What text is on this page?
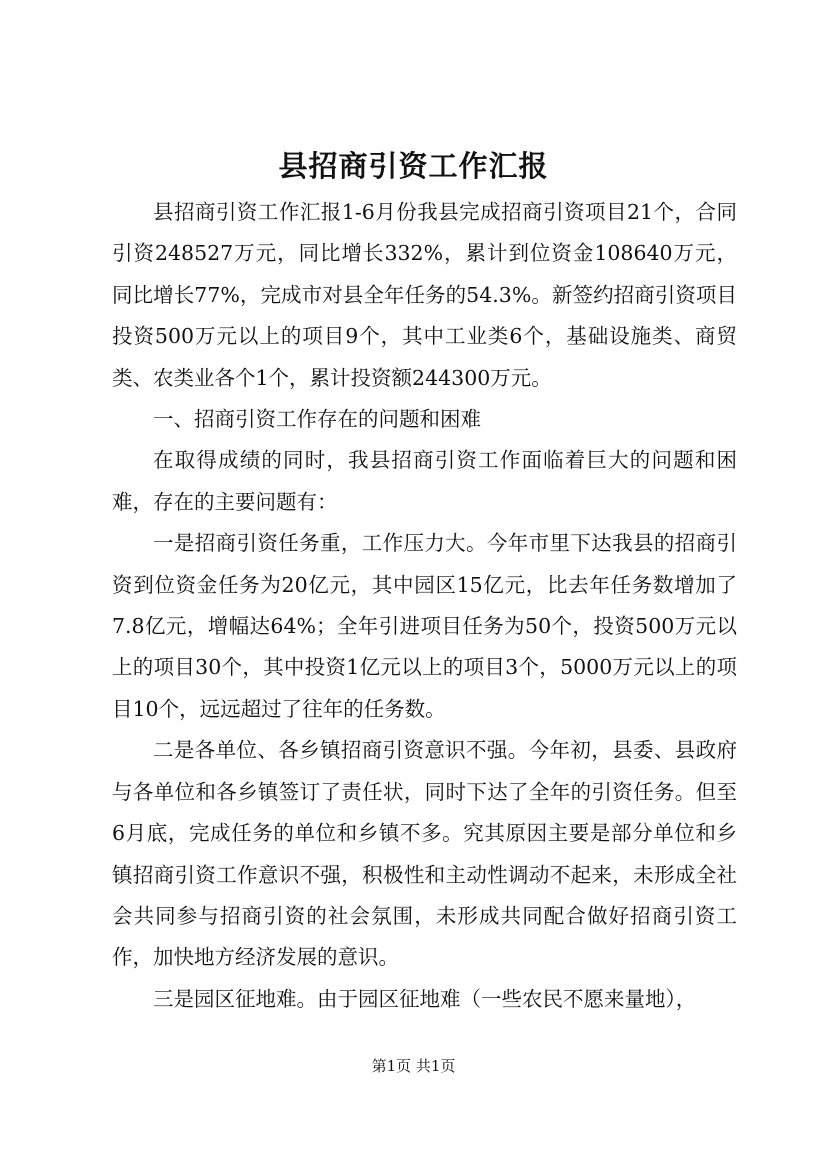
县招商引资工作汇报

县招商引资工作汇报1-6月份我县完成招商引资项目21个，合同引资248527万元，同比增长332%，累计到位资金108640万元，同比增长77%，完成市对县全年任务的54.3%。新签约招商引资项目投资500万元以上的项目9个，其中工业类6个，基础设施类、商贸类、农类业各个1个，累计投资额244300万元。

一、招商引资工作存在的问题和困难

在取得成绩的同时，我县招商引资工作面临着巨大的问题和困难，存在的主要问题有：

一是招商引资任务重，工作压力大。今年市里下达我县的招商引资到位资金任务为20亿元，其中园区15亿元，比去年任务数增加了7.8亿元，增幅达64%；全年引进项目任务为50个，投资500万元以上的项目30个，其中投资1亿元以上的项目3个，5000万元以上的项目10个，远远超过了往年的任务数。

二是各单位、各乡镇招商引资意识不强。今年初，县委、县政府与各单位和各乡镇签订了责任状，同时下达了全年的引资任务。但至6月底，完成任务的单位和乡镇不多。究其原因主要是部分单位和乡镇招商引资工作意识不强，积极性和主动性调动不起来，未形成全社会共同参与招商引资的社会氛围，未形成共同配合做好招商引资工作，加快地方经济发展的意识。

三是园区征地难。由于园区征地难（一些农民不愿来量地），

第1页 共1页
